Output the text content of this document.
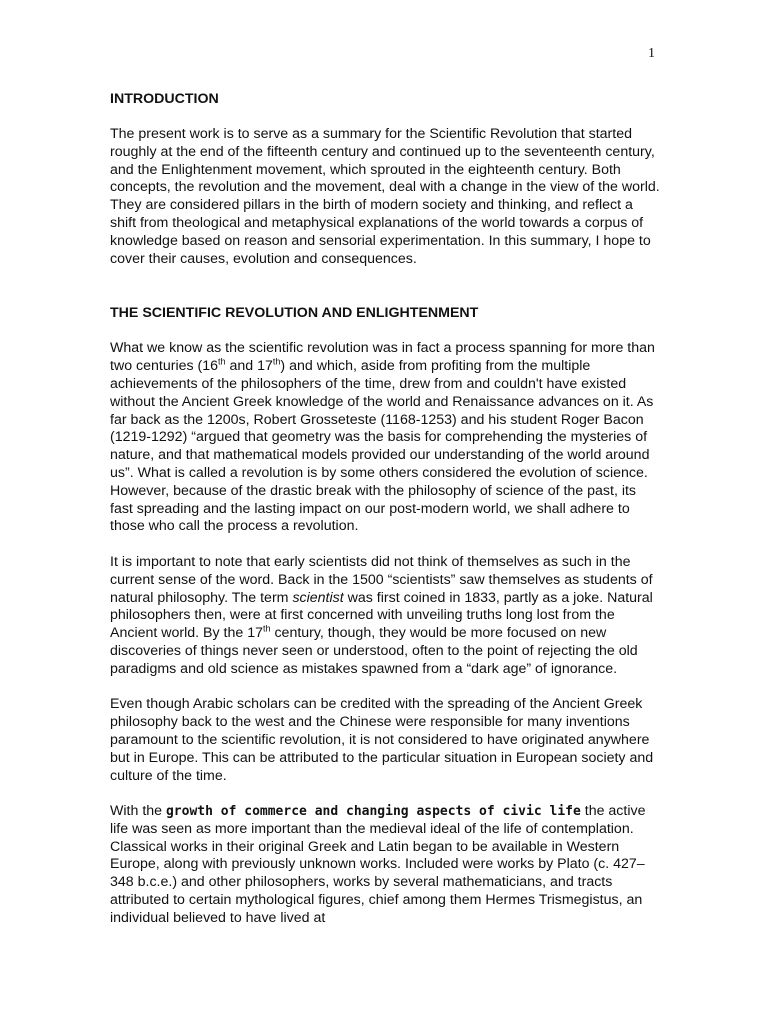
1
INTRODUCTION

The present work is to serve as a summary for the Scientific Revolution that started roughly at the end of the fifteenth century and continued up to the seventeenth century, and the Enlightenment movement, which sprouted in the eighteenth century. Both concepts, the revolution and the movement, deal with a change in the view of the world. They are considered pillars in the birth of modern society and thinking, and reflect a shift from theological and metaphysical explanations of the world towards a corpus of knowledge based on reason and sensorial experimentation. In this summary, I hope to cover their causes, evolution and consequences.

THE SCIENTIFIC REVOLUTION AND ENLIGHTENMENT

What we know as the scientific revolution was in fact a process spanning for more than two centuries (16th and 17th) and which, aside from profiting from the multiple achievements of the philosophers of the time, drew from and couldn't have existed without the Ancient Greek knowledge of the world and Renaissance advances on it. As far back as the 1200s, Robert Grosseteste (1168-1253) and his student Roger Bacon (1219-1292) “argued that geometry was the basis for comprehending the mysteries of nature, and that mathematical models provided our understanding of the world around us”. What is called a revolution is by some others considered the evolution of science. However, because of the drastic break with the philosophy of science of the past, its fast spreading and the lasting impact on our post-modern world, we shall adhere to those who call the process a revolution.

It is important to note that early scientists did not think of themselves as such in the current sense of the word. Back in the 1500 “scientists” saw themselves as students of natural philosophy. The term scientist was first coined in 1833, partly as a joke. Natural philosophers then, were at first concerned with unveiling truths long lost from the Ancient world. By the 17th century, though, they would be more focused on new discoveries of things never seen or understood, often to the point of rejecting the old paradigms and old science as mistakes spawned from a “dark age” of ignorance.

Even though Arabic scholars can be credited with the spreading of the Ancient Greek philosophy back to the west and the Chinese were responsible for many inventions paramount to the scientific revolution, it is not considered to have originated anywhere but in Europe. This can be attributed to the particular situation in European society and culture of the time.

With the growth of commerce and changing aspects of civic life the active life was seen as more important than the medieval ideal of the life of contemplation. Classical works in their original Greek and Latin began to be available in Western Europe, along with previously unknown works. Included were works by Plato (c. 427–348 b.c.e.) and other philosophers, works by several mathematicians, and tracts attributed to certain mythological figures, chief among them Hermes Trismegistus, an individual believed to have lived at
